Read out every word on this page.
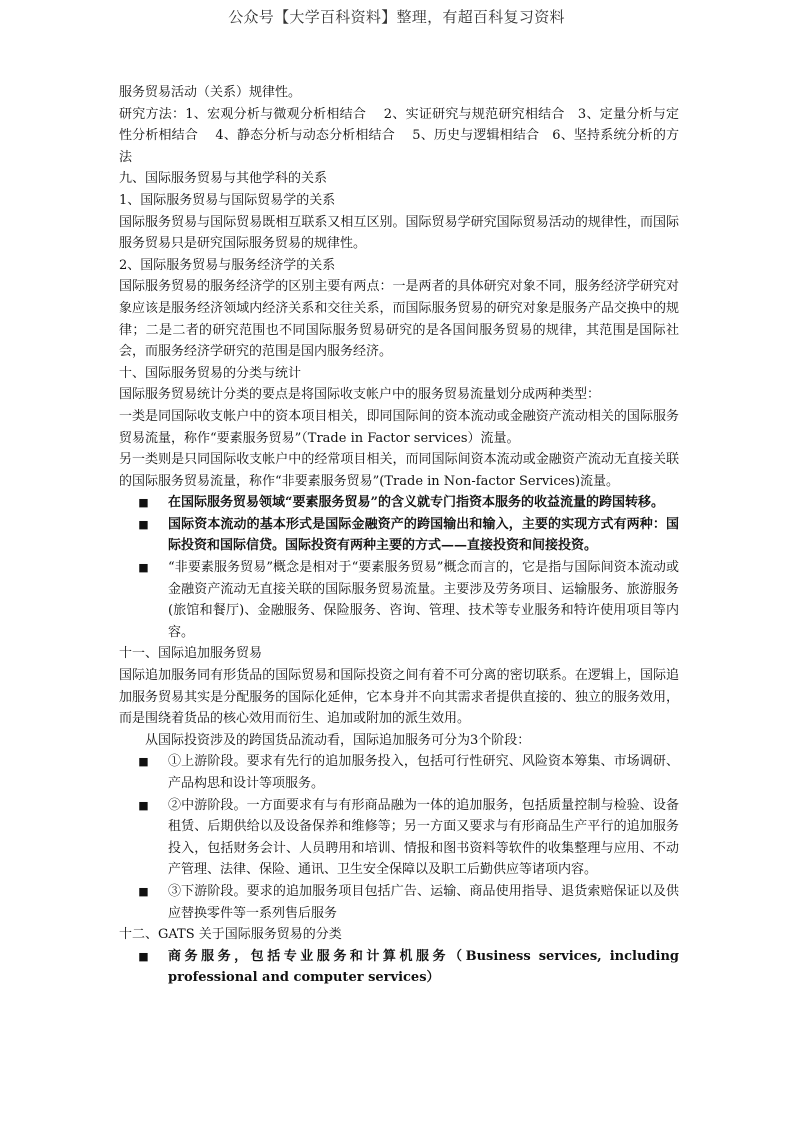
公众号【大学百科资料】整理，有超百科复习资料

服务贸易活动（关系）规律性。

研究方法：1、宏观分析与微观分析相结合　 2、实证研究与规范研究相结合　3、定量分析与定性分析相结合　 4、静态分析与动态分析相结合　 5、历史与逻辑相结合　6、坚持系统分析的方法

九、国际服务贸易与其他学科的关系

1、国际服务贸易与国际贸易学的关系

国际服务贸易与国际贸易既相互联系又相互区别。国际贸易学研究国际贸易活动的规律性，而国际服务贸易只是研究国际服务贸易的规律性。

2、国际服务贸易与服务经济学的关系

国际服务贸易的服务经济学的区别主要有两点：一是两者的具体研究对象不同，服务经济学研究对象应该是服务经济领域内经济关系和交往关系，而国际服务贸易的研究对象是服务产品交换中的规律；二是二者的研究范围也不同国际服务贸易研究的是各国间服务贸易的规律，其范围是国际社会，而服务经济学研究的范围是国内服务经济。

十、国际服务贸易的分类与统计

国际服务贸易统计分类的要点是将国际收支帐户中的服务贸易流量划分成两种类型：

一类是同国际收支帐户中的资本项目相关，即同国际间的资本流动或金融资产流动相关的国际服务贸易流量，称作“要素服务贸易”（Trade in Factor services）流量。

另一类则是只同国际收支帐户中的经常项目相关，而同国际间资本流动或金融资产流动无直接关联的国际服务贸易流量，称作“非要素服务贸易”(Trade in Non-factor Services)流量。

■	在国际服务贸易领域“要素服务贸易”的含义就专门指资本服务的收益流量的跨国转移。
■	国际资本流动的基本形式是国际金融资产的跨国输出和输入，主要的实现方式有两种：国际投资和国际信贷。国际投资有两种主要的方式——直接投资和间接投资。
■	“非要素服务贸易”概念是相对于“要素服务贸易”概念而言的，它是指与国际间资本流动或金融资产流动无直接关联的国际服务贸易流量。主要涉及劳务项目、运输服务、旅游服务(旅馆和餐厅)、金融服务、保险服务、咨询、管理、技术等专业服务和特许使用项目等内容。

十一、国际追加服务贸易

国际追加服务同有形货品的国际贸易和国际投资之间有着不可分离的密切联系。在逻辑上，国际追加服务贸易其实是分配服务的国际化延伸，它本身并不向其需求者提供直接的、独立的服务效用，而是围绕着货品的核心效用而衍生、追加或附加的派生效用。

从国际投资涉及的跨国货品流动看，国际追加服务可分为3个阶段：

■	①上游阶段。要求有先行的追加服务投入，包括可行性研究、风险资本筹集、市场调研、产品构思和设计等项服务。
■	②中游阶段。一方面要求有与有形商品融为一体的追加服务，包括质量控制与检验、设备租赁、后期供给以及设备保养和维修等；另一方面又要求与有形商品生产平行的追加服务投入，包括财务会计、人员聘用和培训、情报和图书资料等软件的收集整理与应用、不动产管理、法律、保险、通讯、卫生安全保障以及职工后勤供应等诸项内容。
■	③下游阶段。要求的追加服务项目包括广告、运输、商品使用指导、退货索赔保证以及供应替换零件等一系列售后服务

十二、GATS 关于国际服务贸易的分类

■	商务服务，包括专业服务和计算机服务（Business services, including professional and computer services）
